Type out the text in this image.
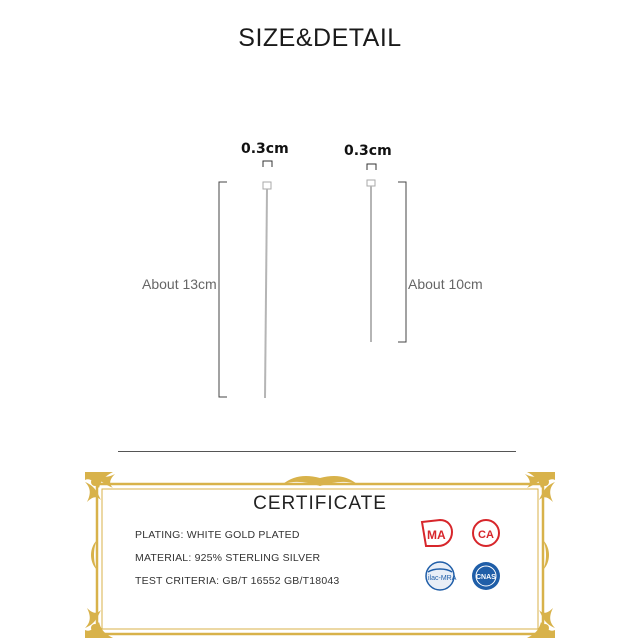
SIZE&DETAIL
0.3cm
About 13cm
0.3cm
About 10cm
CERTIFICATE
PLATING: WHITE GOLD PLATED
MATERIAL: 925% STERLING SILVER
TEST CRITERIA: GB/T 16552 GB/T18043
MA	CA
ilac-MRA	CNAS
